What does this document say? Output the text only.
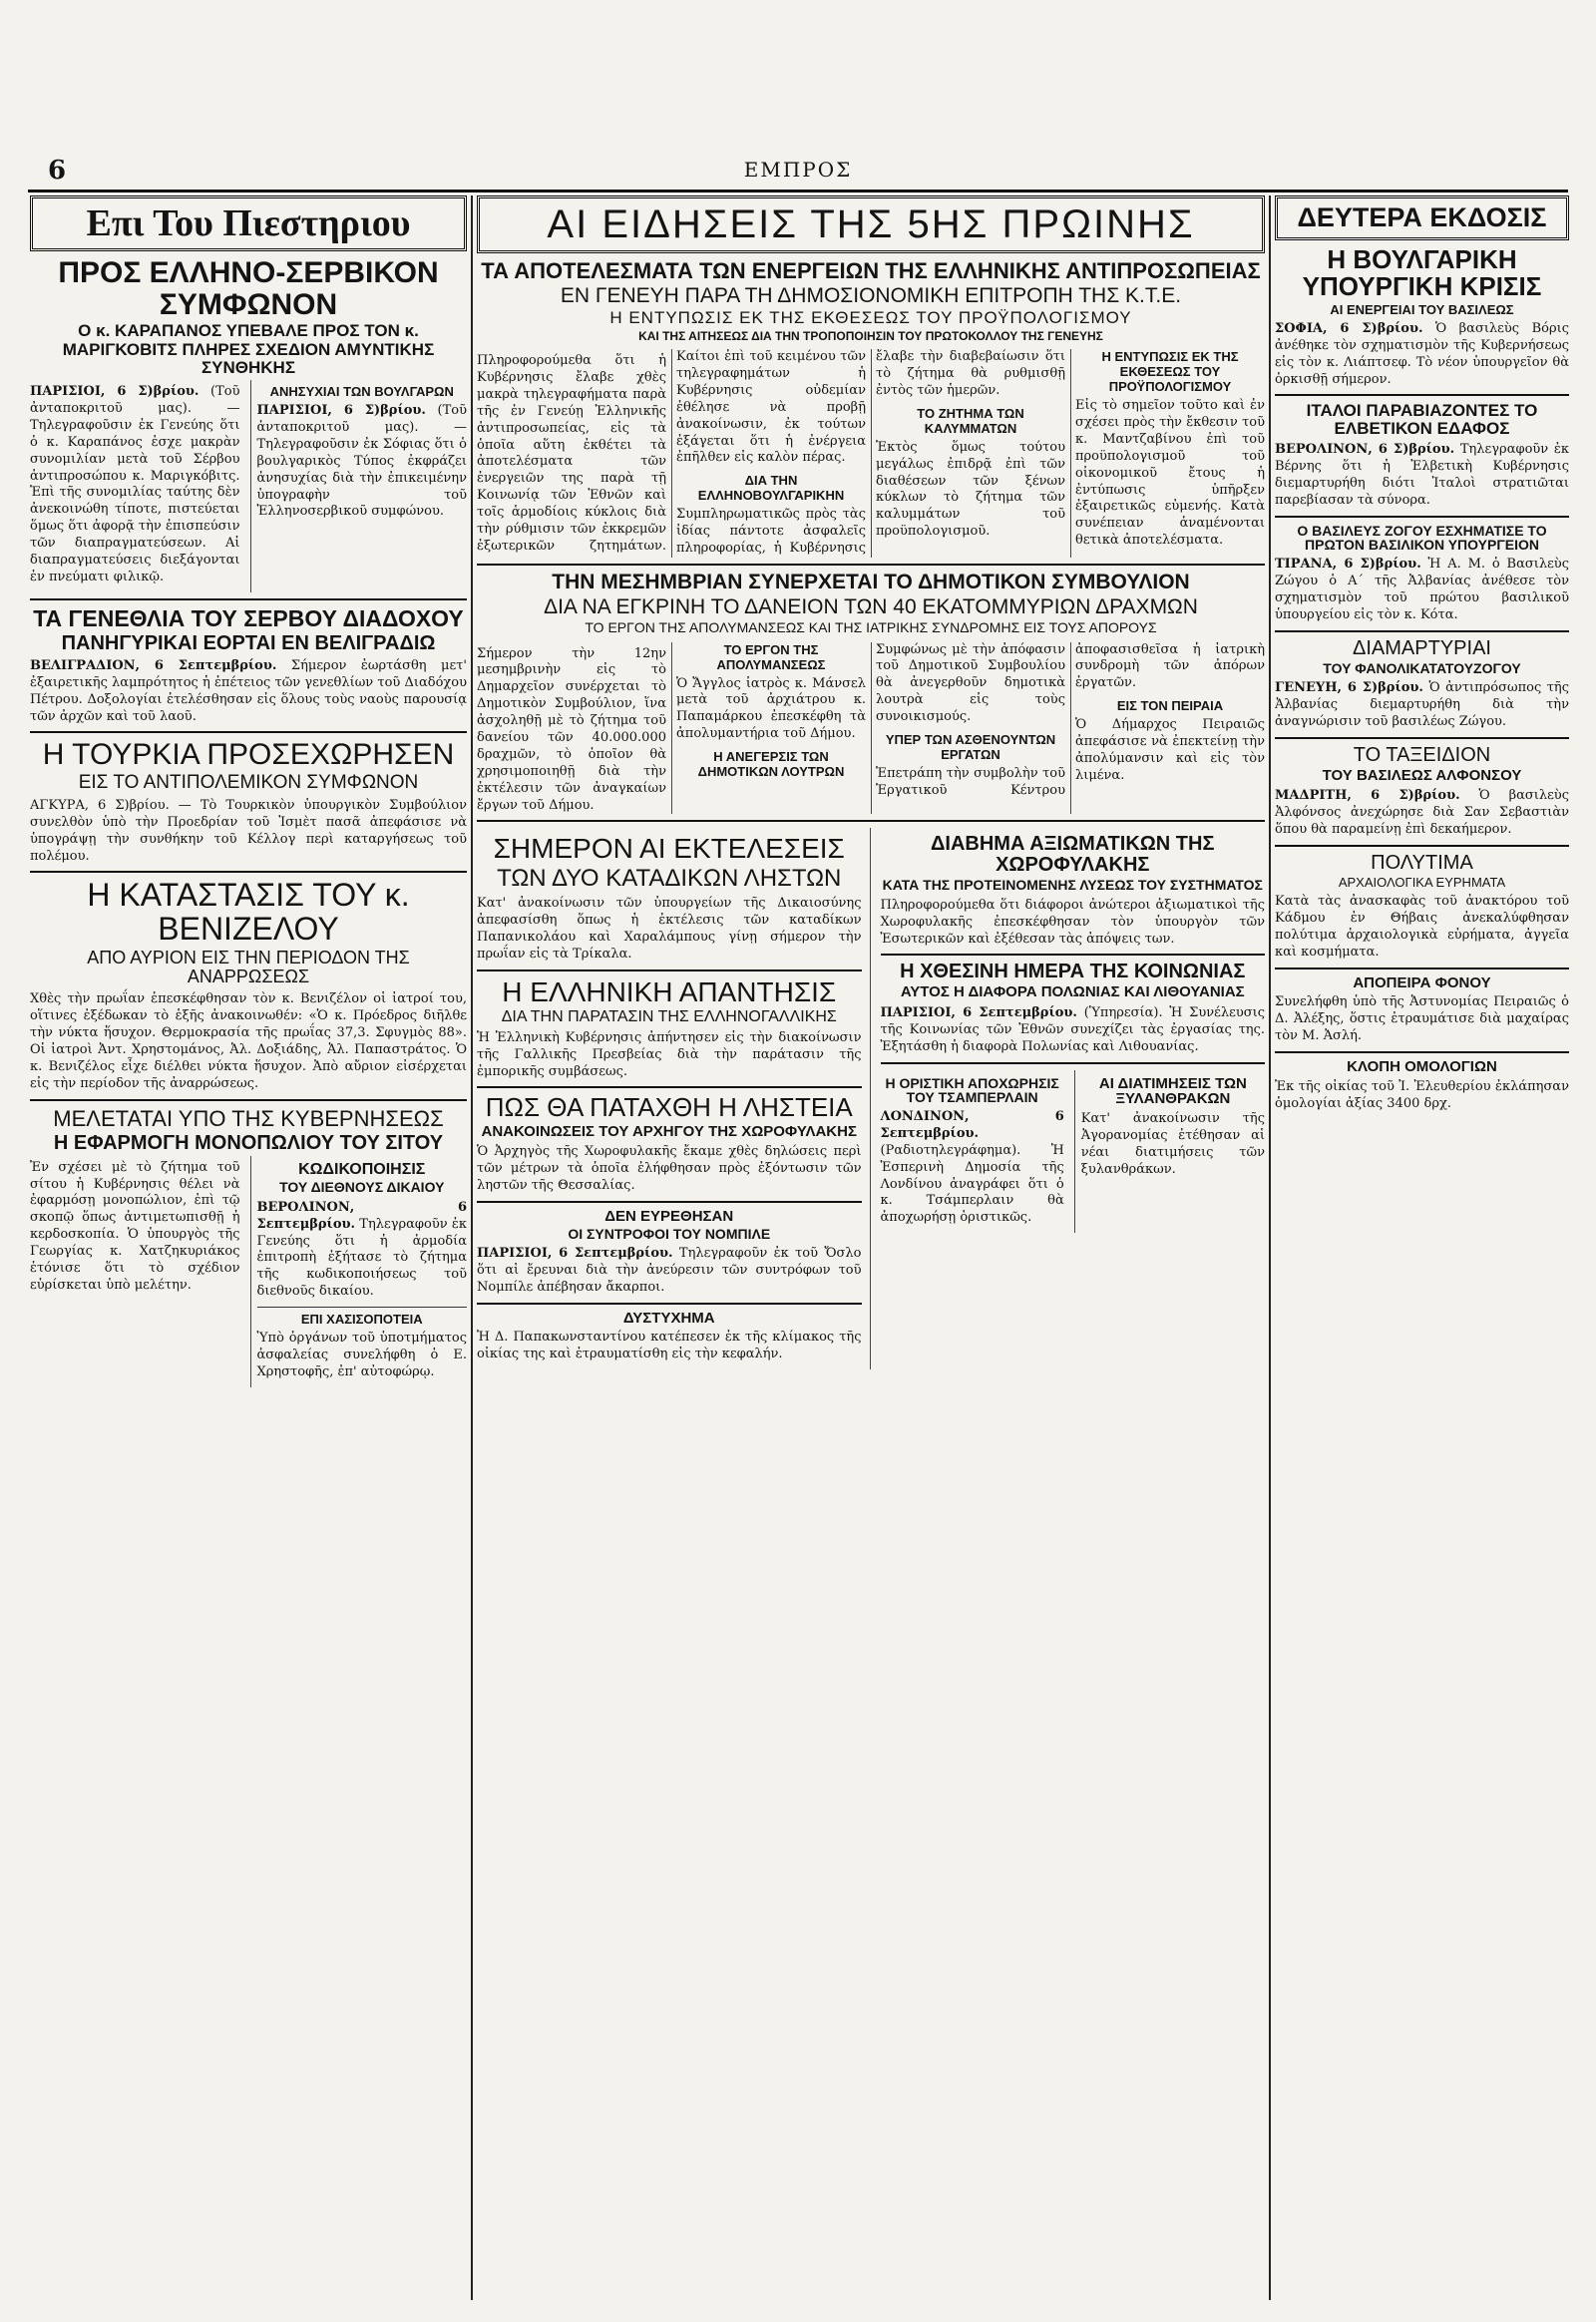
6	ΕΜΠΡΟΣ
Επι Του Πιεστηριου
ΠΡΟΣ ΕΛΛΗΝΟ-ΣΕΡΒΙΚΟΝ ΣΥΜΦΩΝΟΝ
Ο κ. ΚΑΡΑΠΑΝΟΣ ΥΠΕΒΑΛΕ ΠΡΟΣ ΤΟΝ κ. ΜΑΡΙΓΚΟΒΙΤΣ ΠΛΗΡΕΣ ΣΧΕΔΙΟΝ ΑΜΥΝΤΙΚΗΣ ΣΥΝΘΗΚΗΣ

ΠΑΡΙΣΙΟΙ, 6 Σ)βρίου. (Τοῦ ἀνταποκριτοῦ μας). — Τηλεγραφοῦσιν ἐκ Γενεύης ὅτι ὁ κ. Καραπάνος ἐσχε μακρὰν συνομιλίαν μετὰ τοῦ Σέρβου ἀντιπροσώπου κ. Μαριγκόβιτς. Ἐπὶ τῆς συνομιλίας ταύτης δὲν ἀνεκοινώθη τίποτε, πιστεύεται ὅμως ὅτι ἀφορᾷ τὴν ἐπισπεύσιν τῶν διαπραγματεύσεων. Αἱ διαπραγματεύσεις διεξάγονται ἐν πνεύματι φιλικῷ.

ΑΝΗΣΥΧΙΑΙ ΤΩΝ ΒΟΥΛΓΑΡΩΝ

ΠΑΡΙΣΙΟΙ, 6 Σ)βρίου. (Τοῦ ἀνταποκριτοῦ μας). — Τηλεγραφοῦσιν ἐκ Σόφιας ὅτι ὁ βουλγαρικὸς Τύπος ἐκφράζει ἀνησυχίας διὰ τὴν ἐπικειμένην ὑπογραφὴν τοῦ Ἑλληνοσερβικοῦ συμφώνου.

ΤΑ ΓΕΝΕΘΛΙΑ ΤΟΥ ΣΕΡΒΟΥ ΔΙΑΔΟΧΟΥ
ΠΑΝΗΓΥΡΙΚΑΙ ΕΟΡΤΑΙ ΕΝ ΒΕΛΙΓΡΑΔΙΩ

ΒΕΛΙΓΡΑΔΙΟΝ, 6 Σεπτεμβρίου. Σήμερον ἐωρτάσθη μετ' ἐξαιρετικῆς λαμπρότητος ἡ ἐπέτειος τῶν γενεθλίων τοῦ Διαδόχου Πέτρου. Δοξολογίαι ἐτελέσθησαν εἰς ὅλους τοὺς ναοὺς παρουσίᾳ τῶν ἀρχῶν καὶ τοῦ λαοῦ.

Η ΤΟΥΡΚΙΑ ΠΡΟΣΕΧΩΡΗΣΕΝ
ΕΙΣ ΤΟ ΑΝΤΙΠΟΛΕΜΙΚΟΝ ΣΥΜΦΩΝΟΝ

ΑΓΚΥΡΑ, 6 Σ)βρίου. — Τὸ Τουρκικὸν ὑπουργικὸν Συμβούλιον συνελθὸν ὑπὸ τὴν Προεδρίαν τοῦ Ἰσμὲτ πασᾶ ἀπεφάσισε νὰ ὑπογράψῃ τὴν συνθήκην τοῦ Κέλλογ περὶ καταργήσεως τοῦ πολέμου.

Η ΚΑΤΑΣΤΑΣΙΣ ΤΟΥ κ. ΒΕΝΙΖΕΛΟΥ
ΑΠΟ ΑΥΡΙΟΝ ΕΙΣ ΤΗΝ ΠΕΡΙΟΔΟΝ ΤΗΣ ΑΝΑΡΡΩΣΕΩΣ

Χθὲς τὴν πρωΐαν ἐπεσκέφθησαν τὸν κ. Βενιζέλον οἱ ἰατροί του, οἵτινες ἐξέδωκαν τὸ ἑξῆς ἀνακοινωθέν: «Ὁ κ. Πρόεδρος διῆλθε τὴν νύκτα ἥσυχον. Θερμοκρασία τῆς πρωΐας 37,3. Σφυγμὸς 88». Οἱ ἰατροὶ Ἀντ. Χρηστομάνος, Ἀλ. Δοξιάδης, Ἀλ. Παπαστράτος. Ὁ κ. Βενιζέλος εἶχε διέλθει νύκτα ἥσυχον. Ἀπὸ αὔριον εἰσέρχεται εἰς τὴν περίοδον τῆς ἀναρρώσεως.

ΜΕΛΕΤΑΤΑΙ ΥΠΟ ΤΗΣ ΚΥΒΕΡΝΗΣΕΩΣ
Η ΕΦΑΡΜΟΓΗ ΜΟΝΟΠΩΛΙΟΥ ΤΟΥ ΣΙΤΟΥ

Ἐν σχέσει μὲ τὸ ζήτημα τοῦ σίτου ἡ Κυβέρνησις θέλει νὰ ἐφαρμόσῃ μονοπώλιον, ἐπὶ τῷ σκοπῷ ὅπως ἀντιμετωπισθῇ ἡ κερδοσκοπία. Ὁ ὑπουργὸς τῆς Γεωργίας κ. Χατζηκυριάκος ἐτόνισε ὅτι τὸ σχέδιον εὑρίσκεται ὑπὸ μελέτην.

ΚΩΔΙΚΟΠΟΙΗΣΙΣ
ΤΟΥ ΔΙΕΘΝΟΥΣ ΔΙΚΑΙΟΥ

ΒΕΡΟΛΙΝΟΝ, 6 Σεπτεμβρίου. Τηλεγραφοῦν ἐκ Γενεύης ὅτι ἡ ἀρμοδία ἐπιτροπὴ ἐξήτασε τὸ ζήτημα τῆς κωδικοποιήσεως τοῦ διεθνοῦς δικαίου.

ΕΠΙ ΧΑΣΙΣΟΠΟΤΕΙΑ

Ὑπὸ ὀργάνων τοῦ ὑποτμήματος ἀσφαλείας συνελήφθη ὁ Ε. Χρηστοφῆς, ἐπ' αὐτοφώρῳ.

ΑΙ ΕΙΔΗΣΕΙΣ ΤΗΣ 5ΗΣ ΠΡΩΙΝΗΣ
ΤΑ ΑΠΟΤΕΛΕΣΜΑΤΑ ΤΩΝ ΕΝΕΡΓΕΙΩΝ ΤΗΣ ΕΛΛΗΝΙΚΗΣ ΑΝΤΙΠΡΟΣΩΠΕΙΑΣ
ΕΝ ΓΕΝΕΥΗ ΠΑΡΑ ΤΗ ΔΗΜΟΣΙΟΝΟΜΙΚΗ ΕΠΙΤΡΟΠΗ ΤΗΣ Κ.Τ.Ε.
Η ΕΝΤΥΠΩΣΙΣ ΕΚ ΤΗΣ ΕΚΘΕΣΕΩΣ ΤΟΥ ΠΡΟΫΠΟΛΟΓΙΣΜΟΥ
ΚΑΙ ΤΗΣ ΑΙΤΗΣΕΩΣ ΔΙΑ ΤΗΝ ΤΡΟΠΟΠΟΙΗΣΙΝ ΤΟΥ ΠΡΩΤΟΚΟΛΛΟΥ ΤΗΣ ΓΕΝΕΥΗΣ

Πληροφορούμεθα ὅτι ἡ Κυβέρνησις ἔλαβε χθὲς μακρὰ τηλεγραφήματα παρὰ τῆς ἐν Γενεύῃ Ἑλληνικῆς ἀντιπροσωπείας, εἰς τὰ ὁποῖα αὕτη ἐκθέτει τὰ ἀποτελέσματα τῶν ἐνεργειῶν της παρὰ τῇ Κοινωνίᾳ τῶν Ἐθνῶν καὶ τοῖς ἁρμοδίοις κύκλοις διὰ τὴν ρύθμισιν τῶν ἐκκρεμῶν ἐξωτερικῶν ζητημάτων. Καίτοι ἐπὶ τοῦ κειμένου τῶν τηλεγραφημάτων ἡ Κυβέρνησις οὐδεμίαν ἐθέλησε νὰ προβῇ ἀνακοίνωσιν, ἐκ τούτων ἐξάγεται ὅτι ἡ ἐνέργεια ἐπῆλθεν εἰς καλὸν πέρας.

ΔΙΑ ΤΗΝ ΕΛΛΗΝΟΒΟΥΛΓΑΡΙΚΗΝ

Συμπληρωματικῶς πρὸς τὰς ἰδίας πάντοτε ἀσφαλεῖς πληροφορίας, ἡ Κυβέρνησις ἔλαβε τὴν διαβεβαίωσιν ὅτι τὸ ζήτημα θὰ ρυθμισθῇ ἐντὸς τῶν ἡμερῶν.

ΤΟ ΖΗΤΗΜΑ ΤΩΝ ΚΑΛΥΜΜΑΤΩΝ

Ἐκτὸς ὅμως τούτου μεγάλως ἐπιδρᾷ ἐπὶ τῶν διαθέσεων τῶν ξένων κύκλων τὸ ζήτημα τῶν καλυμμάτων τοῦ προϋπολογισμοῦ.

Η ΕΝΤΥΠΩΣΙΣ ΕΚ ΤΗΣ ΕΚΘΕΣΕΩΣ ΤΟΥ ΠΡΟΫΠΟΛΟΓΙΣΜΟΥ

Εἰς τὸ σημεῖον τοῦτο καὶ ἐν σχέσει πρὸς τὴν ἔκθεσιν τοῦ κ. Μαντζαβίνου ἐπὶ τοῦ προϋπολογισμοῦ τοῦ οἰκονομικοῦ ἔτους ἡ ἐντύπωσις ὑπῆρξεν ἐξαιρετικῶς εὐμενής. Κατὰ συνέπειαν ἀναμένονται θετικὰ ἀποτελέσματα.

ΤΗΝ ΜΕΣΗΜΒΡΙΑΝ ΣΥΝΕΡΧΕΤΑΙ ΤΟ ΔΗΜΟΤΙΚΟΝ ΣΥΜΒΟΥΛΙΟΝ
ΔΙΑ ΝΑ ΕΓΚΡΙΝΗ ΤΟ ΔΑΝΕΙΟΝ ΤΩΝ 40 ΕΚΑΤΟΜΜΥΡΙΩΝ ΔΡΑΧΜΩΝ
ΤΟ ΕΡΓΟΝ ΤΗΣ ΑΠΟΛΥΜΑΝΣΕΩΣ ΚΑΙ ΤΗΣ ΙΑΤΡΙΚΗΣ ΣΥΝΔΡΟΜΗΣ ΕΙΣ ΤΟΥΣ ΑΠΟΡΟΥΣ

Σήμερον τὴν 12ην μεσημβρινὴν εἰς τὸ Δημαρχεῖον συνέρχεται τὸ Δημοτικὸν Συμβούλιον, ἵνα ἀσχοληθῇ μὲ τὸ ζήτημα τοῦ δανείου τῶν 40.000.000 δραχμῶν, τὸ ὁποῖον θὰ χρησιμοποιηθῇ διὰ τὴν ἐκτέλεσιν τῶν ἀναγκαίων ἔργων τοῦ Δήμου.

ΤΟ ΕΡΓΟΝ ΤΗΣ ΑΠΟΛΥΜΑΝΣΕΩΣ

Ὁ Ἄγγλος ἰατρὸς κ. Μάνσελ μετὰ τοῦ ἀρχιάτρου κ. Παπαμάρκου ἐπεσκέφθη τὰ ἀπολυμαντήρια τοῦ Δήμου.

Η ΑΝΕΓΕΡΣΙΣ ΤΩΝ ΔΗΜΟΤΙΚΩΝ ΛΟΥΤΡΩΝ

Συμφώνως μὲ τὴν ἀπόφασιν τοῦ Δημοτικοῦ Συμβουλίου θὰ ἀνεγερθοῦν δημοτικὰ λουτρὰ εἰς τοὺς συνοικισμούς.

ΥΠΕΡ ΤΩΝ ΑΣΘΕΝΟΥΝΤΩΝ ΕΡΓΑΤΩΝ

Ἐπετράπη τὴν συμβολὴν τοῦ Ἐργατικοῦ Κέντρου ἀποφασισθεῖσα ἡ ἰατρικὴ συνδρομὴ τῶν ἀπόρων ἐργατῶν.

ΕΙΣ ΤΟΝ ΠΕΙΡΑΙΑ

Ὁ Δήμαρχος Πειραιῶς ἀπεφάσισε νὰ ἐπεκτείνῃ τὴν ἀπολύμανσιν καὶ εἰς τὸν λιμένα.

ΣΗΜΕΡΟΝ ΑΙ ΕΚΤΕΛΕΣΕΙΣ
ΤΩΝ ΔΥΟ ΚΑΤΑΔΙΚΩΝ ΛΗΣΤΩΝ

Κατ' ἀνακοίνωσιν τῶν ὑπουργείων τῆς Δικαιοσύνης ἀπεφασίσθη ὅπως ἡ ἐκτέλεσις τῶν καταδίκων Παπανικολάου καὶ Χαραλάμπους γίνῃ σήμερον τὴν πρωΐαν εἰς τὰ Τρίκαλα.

Η ΕΛΛΗΝΙΚΗ ΑΠΑΝΤΗΣΙΣ
ΔΙΑ ΤΗΝ ΠΑΡΑΤΑΣΙΝ ΤΗΣ ΕΛΛΗΝΟΓΑΛΛΙΚΗΣ

Ἡ Ἑλληνικὴ Κυβέρνησις ἀπήντησεν εἰς τὴν διακοίνωσιν τῆς Γαλλικῆς Πρεσβείας διὰ τὴν παράτασιν τῆς ἐμπορικῆς συμβάσεως.

ΠΩΣ ΘΑ ΠΑΤΑΧΘΗ Η ΛΗΣΤΕΙΑ
ΑΝΑΚΟΙΝΩΣΕΙΣ ΤΟΥ ΑΡΧΗΓΟΥ ΤΗΣ ΧΩΡΟΦΥΛΑΚΗΣ

Ὁ Ἀρχηγὸς τῆς Χωροφυλακῆς ἔκαμε χθὲς δηλώσεις περὶ τῶν μέτρων τὰ ὁποῖα ἐλήφθησαν πρὸς ἐξόντωσιν τῶν ληστῶν τῆς Θεσσαλίας.

ΔΕΝ ΕΥΡΕΘΗΣΑΝ
ΟΙ ΣΥΝΤΡΟΦΟΙ ΤΟΥ ΝΟΜΠΙΛΕ

ΠΑΡΙΣΙΟΙ, 6 Σεπτεμβρίου. Τηλεγραφοῦν ἐκ τοῦ Ὄσλο ὅτι αἱ ἔρευναι διὰ τὴν ἀνεύρεσιν τῶν συντρόφων τοῦ Νομπίλε ἀπέβησαν ἄκαρποι.

ΔΥΣΤΥΧΗΜΑ

Ἡ Δ. Παπακωνσταντίνου κατέπεσεν ἐκ τῆς κλίμακος τῆς οἰκίας της καὶ ἐτραυματίσθη εἰς τὴν κεφαλήν.

ΔΙΑΒΗΜΑ ΑΞΙΩΜΑΤΙΚΩΝ ΤΗΣ ΧΩΡΟΦΥΛΑΚΗΣ
ΚΑΤΑ ΤΗΣ ΠΡΟΤΕΙΝΟΜΕΝΗΣ ΛΥΣΕΩΣ ΤΟΥ ΣΥΣΤΗΜΑΤΟΣ

Πληροφορούμεθα ὅτι διάφοροι ἀνώτεροι ἀξιωματικοὶ τῆς Χωροφυλακῆς ἐπεσκέφθησαν τὸν ὑπουργὸν τῶν Ἐσωτερικῶν καὶ ἐξέθεσαν τὰς ἀπόψεις των.

Η ΧΘΕΣΙΝΗ ΗΜΕΡΑ ΤΗΣ ΚΟΙΝΩΝΙΑΣ
ΑΥΤΟΣ Η ΔΙΑΦΟΡΑ ΠΟΛΩΝΙΑΣ ΚΑΙ ΛΙΘΟΥΑΝΙΑΣ

ΠΑΡΙΣΙΟΙ, 6 Σεπτεμβρίου. (Ὑπηρεσία). Ἡ Συνέλευσις τῆς Κοινωνίας τῶν Ἐθνῶν συνεχίζει τὰς ἐργασίας της. Ἐξητάσθη ἡ διαφορὰ Πολωνίας καὶ Λιθουανίας.

Η ΟΡΙΣΤΙΚΗ ΑΠΟΧΩΡΗΣΙΣ ΤΟΥ ΤΣΑΜΠΕΡΛΑΙΝ

ΛΟΝΔΙΝΟΝ, 6 Σεπτεμβρίου. (Ραδιοτηλεγράφημα). Ἡ Ἑσπερινὴ Δημοσία τῆς Λονδίνου ἀναγράφει ὅτι ὁ κ. Τσάμπερλαιν θὰ ἀποχωρήσῃ ὁριστικῶς.

ΑΙ ΔΙΑΤΙΜΗΣΕΙΣ ΤΩΝ ΞΥΛΑΝΘΡΑΚΩΝ

Κατ' ἀνακοίνωσιν τῆς Ἀγορανομίας ἐτέθησαν αἱ νέαι διατιμήσεις τῶν ξυλανθράκων.

ΔΕΥΤΕΡΑ ΕΚΔΟΣΙΣ
Η ΒΟΥΛΓΑΡΙΚΗ ΥΠΟΥΡΓΙΚΗ ΚΡΙΣΙΣ
ΑΙ ΕΝΕΡΓΕΙΑΙ ΤΟΥ ΒΑΣΙΛΕΩΣ

ΣΟΦΙΑ, 6 Σ)βρίου. Ὁ βασιλεὺς Βόρις ἀνέθηκε τὸν σχηματισμὸν τῆς Κυβερνήσεως εἰς τὸν κ. Λιάπτσεφ. Τὸ νέον ὑπουργεῖον θὰ ὁρκισθῇ σήμερον.

ΙΤΑΛΟΙ ΠΑΡΑΒΙΑΖΟΝΤΕΣ ΤΟ ΕΛΒΕΤΙΚΟΝ ΕΔΑΦΟΣ

ΒΕΡΟΛΙΝΟΝ, 6 Σ)βρίου. Τηλεγραφοῦν ἐκ Βέρνης ὅτι ἡ Ἑλβετικὴ Κυβέρνησις διεμαρτυρήθη διότι Ἰταλοὶ στρατιῶται παρεβίασαν τὰ σύνορα.

Ο ΒΑΣΙΛΕΥΣ ΖΟΓΟΥ ΕΣΧΗΜΑΤΙΣΕ ΤΟ ΠΡΩΤΟΝ ΒΑΣΙΛΙΚΟΝ ΥΠΟΥΡΓΕΙΟΝ

ΤΙΡΑΝΑ, 6 Σ)βρίου. Ἡ Α. Μ. ὁ Βασιλεὺς Ζώγου ὁ Α΄ τῆς Ἀλβανίας ἀνέθεσε τὸν σχηματισμὸν τοῦ πρώτου βασιλικοῦ ὑπουργείου εἰς τὸν κ. Κότα.

ΔΙΑΜΑΡΤΥΡΙΑΙ
ΤΟΥ ΦΑΝΟΛΙΚΑΤΑΤΟΥΖΟΓΟΥ

ΓΕΝΕΥΗ, 6 Σ)βρίου. Ὁ ἀντιπρόσωπος τῆς Ἀλβανίας διεμαρτυρήθη διὰ τὴν ἀναγνώρισιν τοῦ βασιλέως Ζώγου.

ΤΟ ΤΑΞΕΙΔΙΟΝ
ΤΟΥ ΒΑΣΙΛΕΩΣ ΑΛΦΟΝΣΟΥ

ΜΑΔΡΙΤΗ, 6 Σ)βρίου. Ὁ βασιλεὺς Ἀλφόνσος ἀνεχώρησε διὰ Σαν Σεβαστιὰν ὅπου θὰ παραμείνῃ ἐπὶ δεκαήμερον.

ΠΟΛΥΤΙΜΑ
ΑΡΧΑΙΟΛΟΓΙΚΑ ΕΥΡΗΜΑΤΑ

Κατὰ τὰς ἀνασκαφὰς τοῦ ἀνακτόρου τοῦ Κάδμου ἐν Θήβαις ἀνεκαλύφθησαν πολύτιμα ἀρχαιολογικὰ εὑρήματα, ἀγγεῖα καὶ κοσμήματα.

ΑΠΟΠΕΙΡΑ ΦΟΝΟΥ

Συνελήφθη ὑπὸ τῆς Ἀστυνομίας Πειραιῶς ὁ Δ. Ἀλέξης, ὅστις ἐτραυμάτισε διὰ μαχαίρας τὸν Μ. Ἀσλή.

ΚΛΟΠΗ ΟΜΟΛΟΓΙΩΝ

Ἐκ τῆς οἰκίας τοῦ Ἰ. Ἐλευθερίου ἐκλάπησαν ὁμολογίαι ἀξίας 3400 δρχ.
